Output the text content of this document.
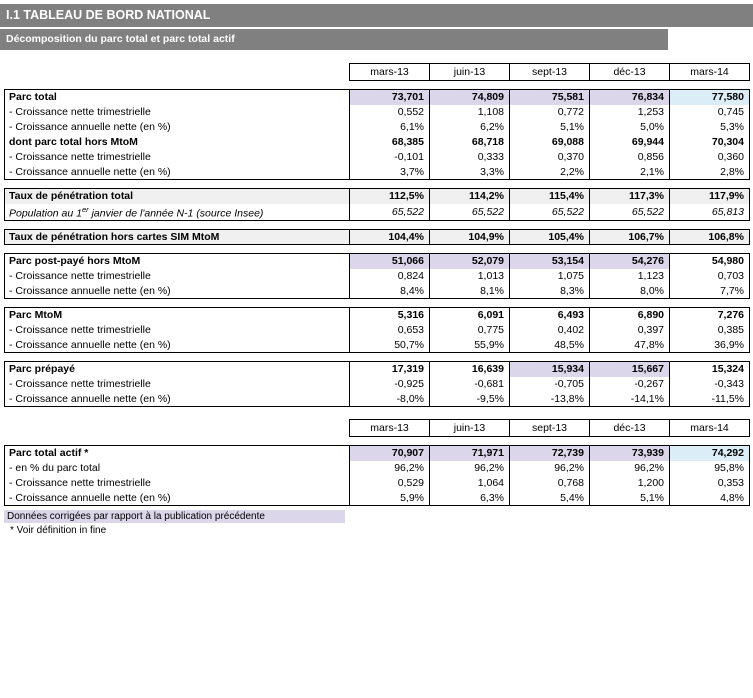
I.1 TABLEAU DE BORD NATIONAL
Décomposition du parc total et parc total actif
	mars-13	juin-13	sept-13	déc-13	mars-14

Parc total	73,701	74,809	75,581	76,834	77,580
- Croissance nette trimestrielle	0,552	1,108	0,772	1,253	0,745
- Croissance annuelle nette (en %)	6,1%	6,2%	5,1%	5,0%	5,3%
dont parc total hors MtoM	68,385	68,718	69,088	69,944	70,304
- Croissance nette trimestrielle	-0,101	0,333	0,370	0,856	0,360
- Croissance annuelle nette (en %)	3,7%	3,3%	2,2%	2,1%	2,8%

Taux de pénétration total	112,5%	114,2%	115,4%	117,3%	117,9%
Population au 1er janvier de l'année N-1 (source Insee)	65,522	65,522	65,522	65,522	65,813

Taux de pénétration hors cartes SIM MtoM	104,4%	104,9%	105,4%	106,7%	106,8%

Parc post-payé hors MtoM	51,066	52,079	53,154	54,276	54,980
- Croissance nette trimestrielle	0,824	1,013	1,075	1,123	0,703
- Croissance annuelle nette (en %)	8,4%	8,1%	8,3%	8,0%	7,7%

Parc MtoM	5,316	6,091	6,493	6,890	7,276
- Croissance nette trimestrielle	0,653	0,775	0,402	0,397	0,385
- Croissance annuelle nette (en %)	50,7%	55,9%	48,5%	47,8%	36,9%

Parc prépayé	17,319	16,639	15,934	15,667	15,324
- Croissance nette trimestrielle	-0,925	-0,681	-0,705	-0,267	-0,343
- Croissance annuelle nette (en %)	-8,0%	-9,5%	-13,8%	-14,1%	-11,5%
	mars-13	juin-13	sept-13	déc-13	mars-14

Parc total actif *	70,907	71,971	72,739	73,939	74,292
- en % du parc total	96,2%	96,2%	96,2%	96,2%	95,8%
- Croissance nette trimestrielle	0,529	1,064	0,768	1,200	0,353
- Croissance annuelle nette (en %)	5,9%	6,3%	5,4%	5,1%	4,8%
Données corrigées par rapport à la publication précédente
* Voir définition in fine
